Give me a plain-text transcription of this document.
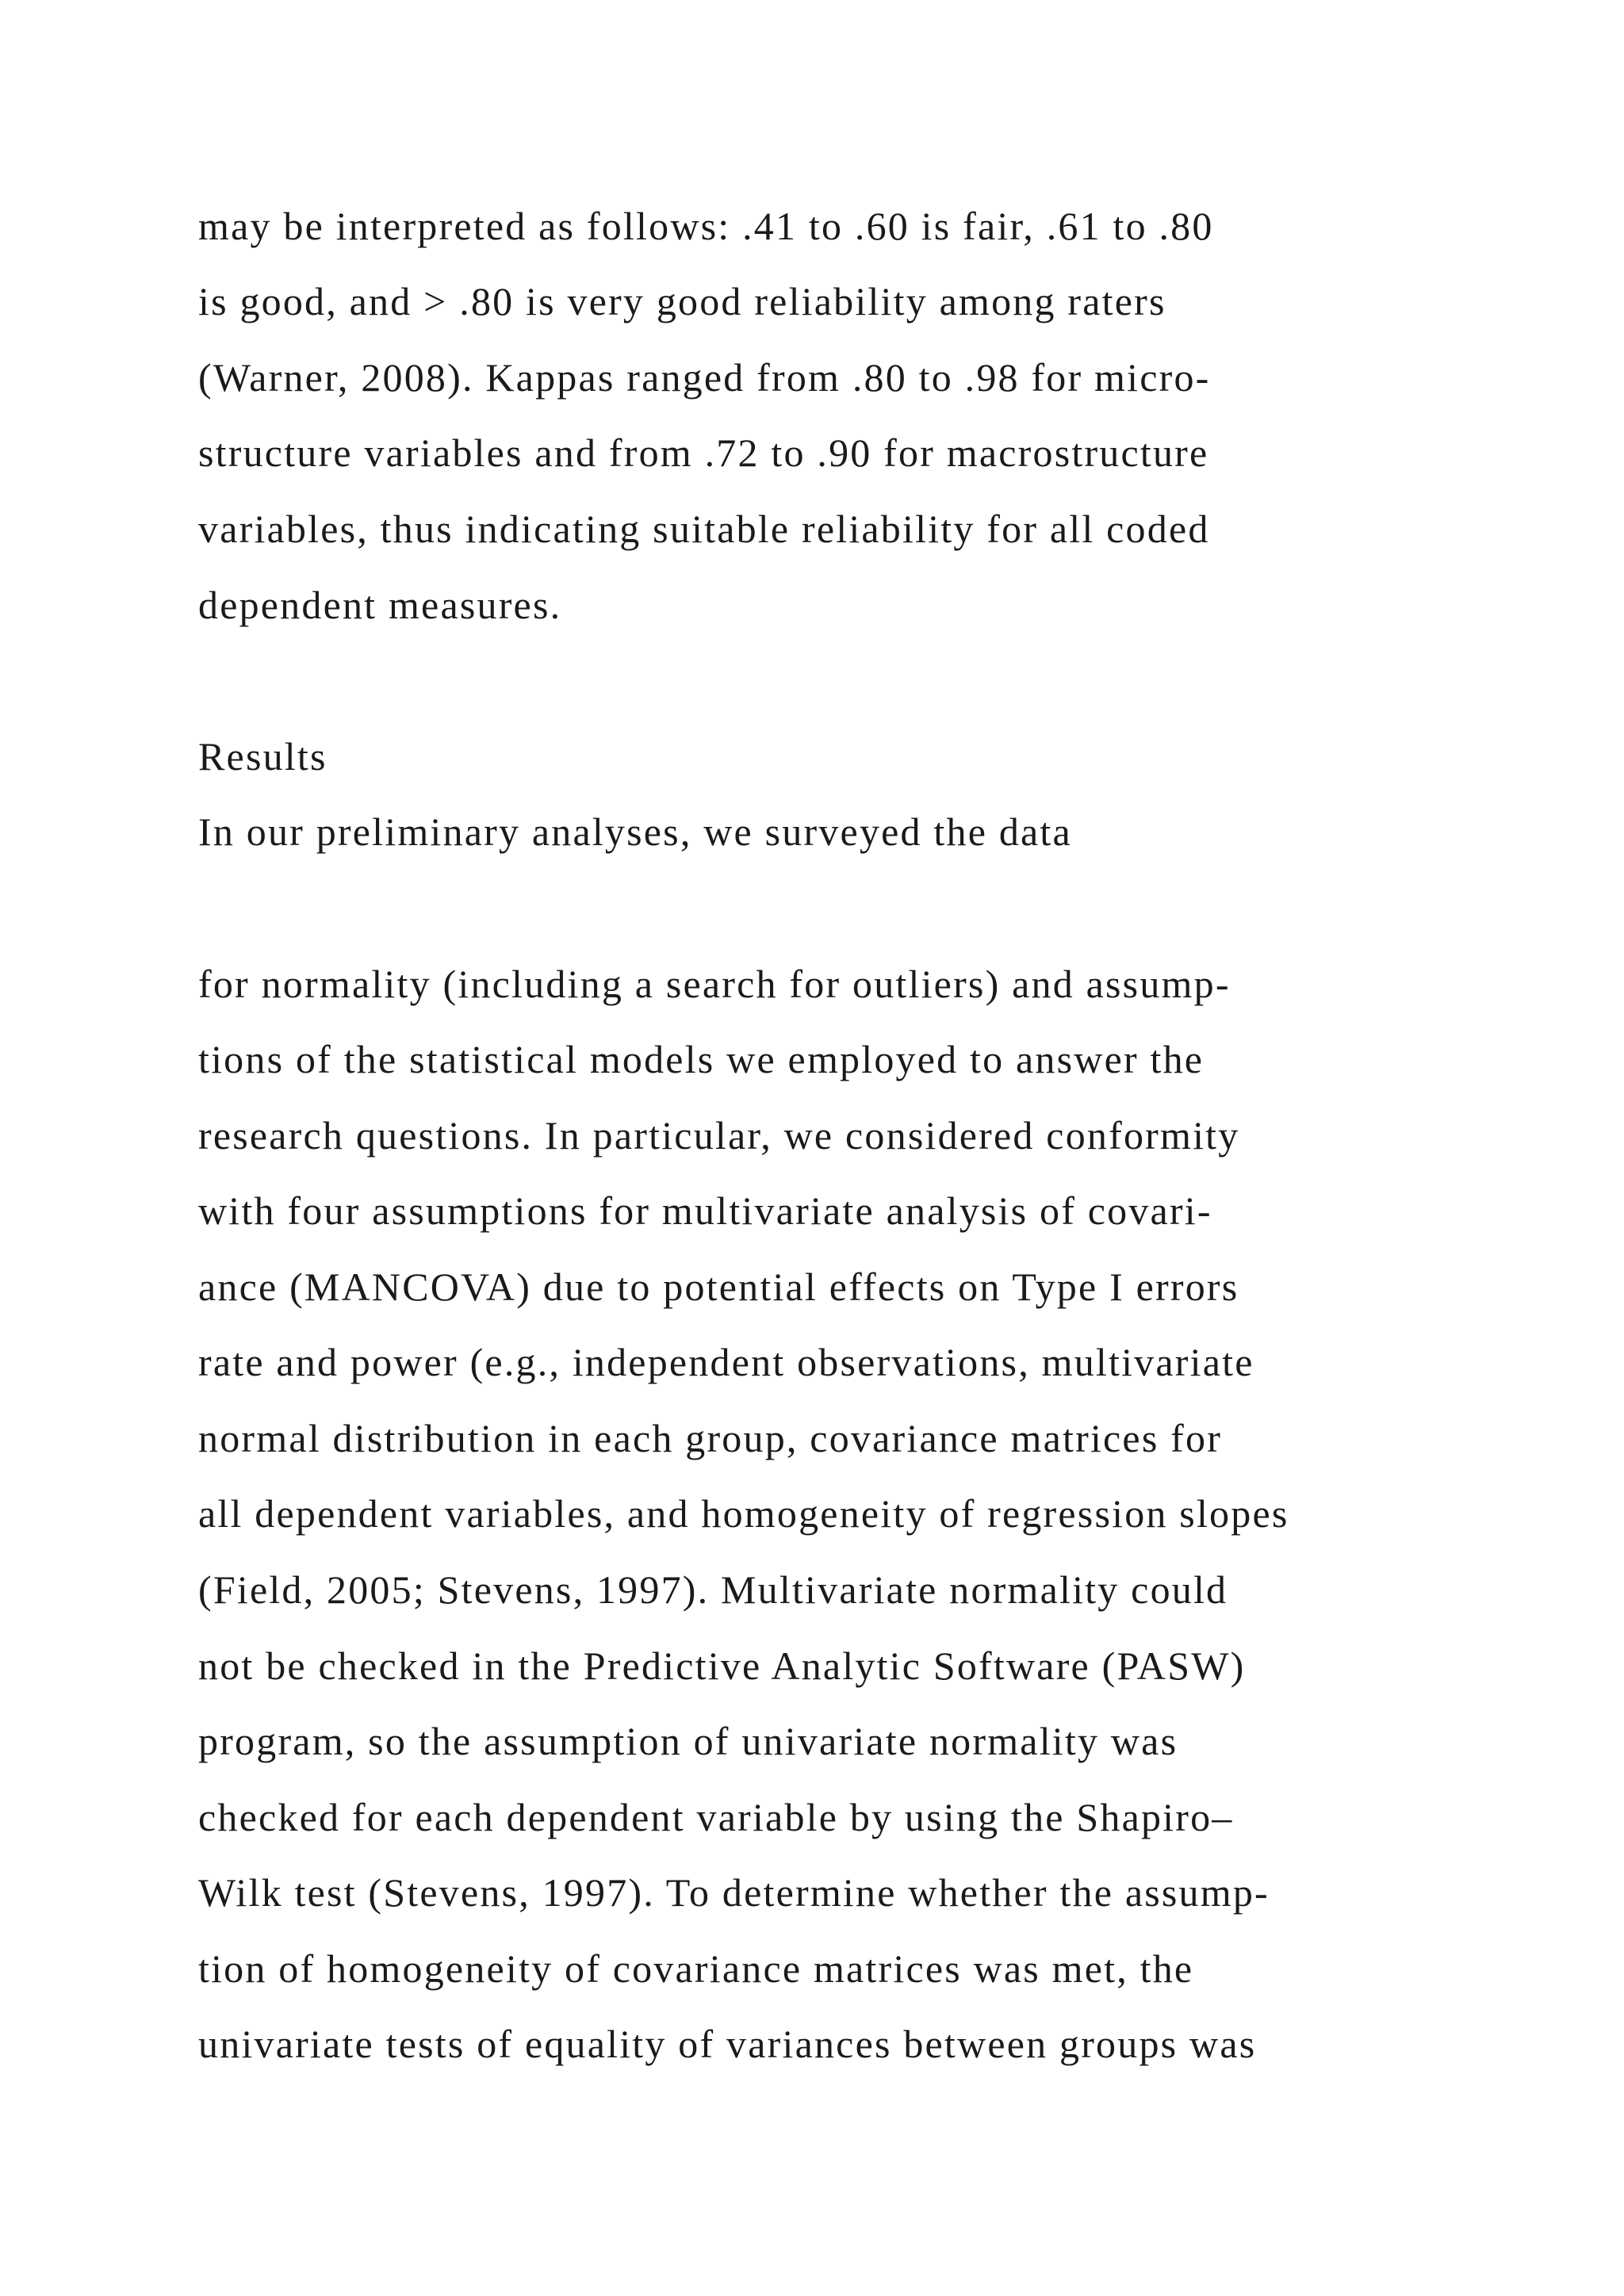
may be interpreted as follows: .41 to .60 is fair, .61 to .80

is good, and > .80 is very good reliability among raters

(Warner, 2008). Kappas ranged from .80 to .98 for micro-

structure variables and from .72 to .90 for macrostructure

variables, thus indicating suitable reliability for all coded

dependent measures.

Results

In our preliminary analyses, we surveyed the data

for normality (including a search for outliers) and assump-

tions of the statistical models we employed to answer the

research questions. In particular, we considered conformity

with four assumptions for multivariate analysis of covari-

ance (MANCOVA) due to potential effects on Type I errors

rate and power (e.g., independent observations, multivariate

normal distribution in each group, covariance matrices for

all dependent variables, and homogeneity of regression slopes

(Field, 2005; Stevens, 1997). Multivariate normality could

not be checked in the Predictive Analytic Software (PASW)

program, so the assumption of univariate normality was

checked for each dependent variable by using the Shapiro–

Wilk test (Stevens, 1997). To determine whether the assump-

tion of homogeneity of covariance matrices was met, the

univariate tests of equality of variances between groups was
